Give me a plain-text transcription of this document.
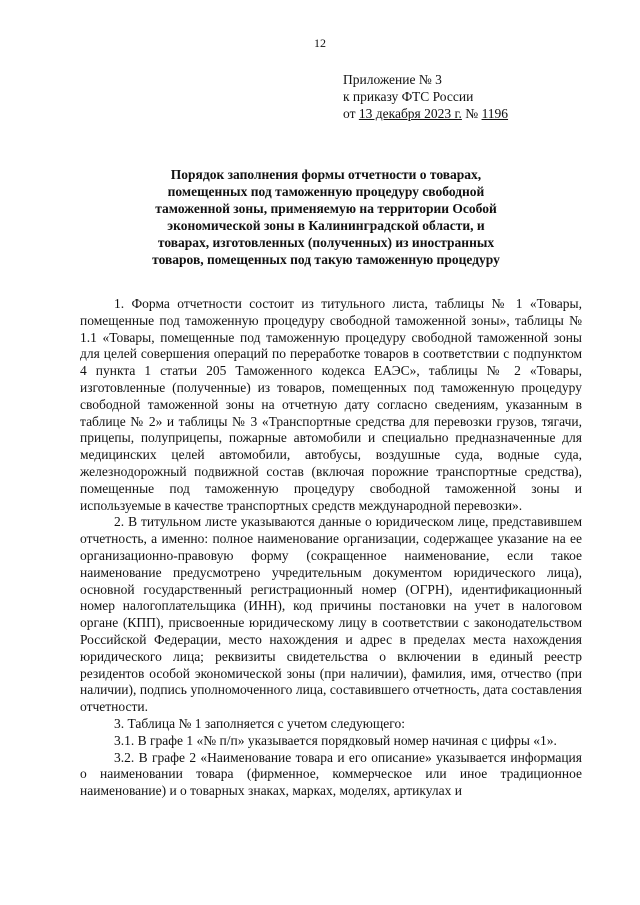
12
Приложение № 3
к приказу ФТС России
от 13 декабря 2023 г. № 1196
Порядок заполнения формы отчетности о товарах, помещенных под таможенную процедуру свободной таможенной зоны, применяемую на территории Особой экономической зоны в Калининградской области, и товарах, изготовленных (полученных) из иностранных товаров, помещенных под такую таможенную процедуру

1. Форма отчетности состоит из титульного листа, таблицы № 1 «Товары, помещенные под таможенную процедуру свободной таможенной зоны», таблицы № 1.1 «Товары, помещенные под таможенную процедуру свободной таможенной зоны для целей совершения операций по переработке товаров в соответствии с подпунктом 4 пункта 1 статьи 205 Таможенного кодекса ЕАЭС», таблицы № 2 «Товары, изготовленные (полученные) из товаров, помещенных под таможенную процедуру свободной таможенной зоны на отчетную дату согласно сведениям, указанным в таблице № 2» и таблицы № 3 «Транспортные средства для перевозки грузов, тягачи, прицепы, полуприцепы, пожарные автомобили и специально предназначенные для медицинских целей автомобили, автобусы, воздушные суда, водные суда, железнодорожный подвижной состав (включая порожние транспортные средства), помещенные под таможенную процедуру свободной таможенной зоны и используемые в качестве транспортных средств международной перевозки».

2. В титульном листе указываются данные о юридическом лице, представившем отчетность, а именно: полное наименование организации, содержащее указание на ее организационно-правовую форму (сокращенное наименование, если такое наименование предусмотрено учредительным документом юридического лица), основной государственный регистрационный номер (ОГРН), идентификационный номер налогоплательщика (ИНН), код причины постановки на учет в налоговом органе (КПП), присвоенные юридическому лицу в соответствии с законодательством Российской Федерации, место нахождения и адрес в пределах места нахождения юридического лица; реквизиты свидетельства о включении в единый реестр резидентов особой экономической зоны (при наличии), фамилия, имя, отчество (при наличии), подпись уполномоченного лица, составившего отчетность, дата составления отчетности.

3. Таблица № 1 заполняется с учетом следующего:

3.1. В графе 1 «№ п/п» указывается порядковый номер начиная с цифры «1».

3.2. В графе 2 «Наименование товара и его описание» указывается информация о наименовании товара (фирменное, коммерческое или иное традиционное наименование) и о товарных знаках, марках, моделях, артикулах и
